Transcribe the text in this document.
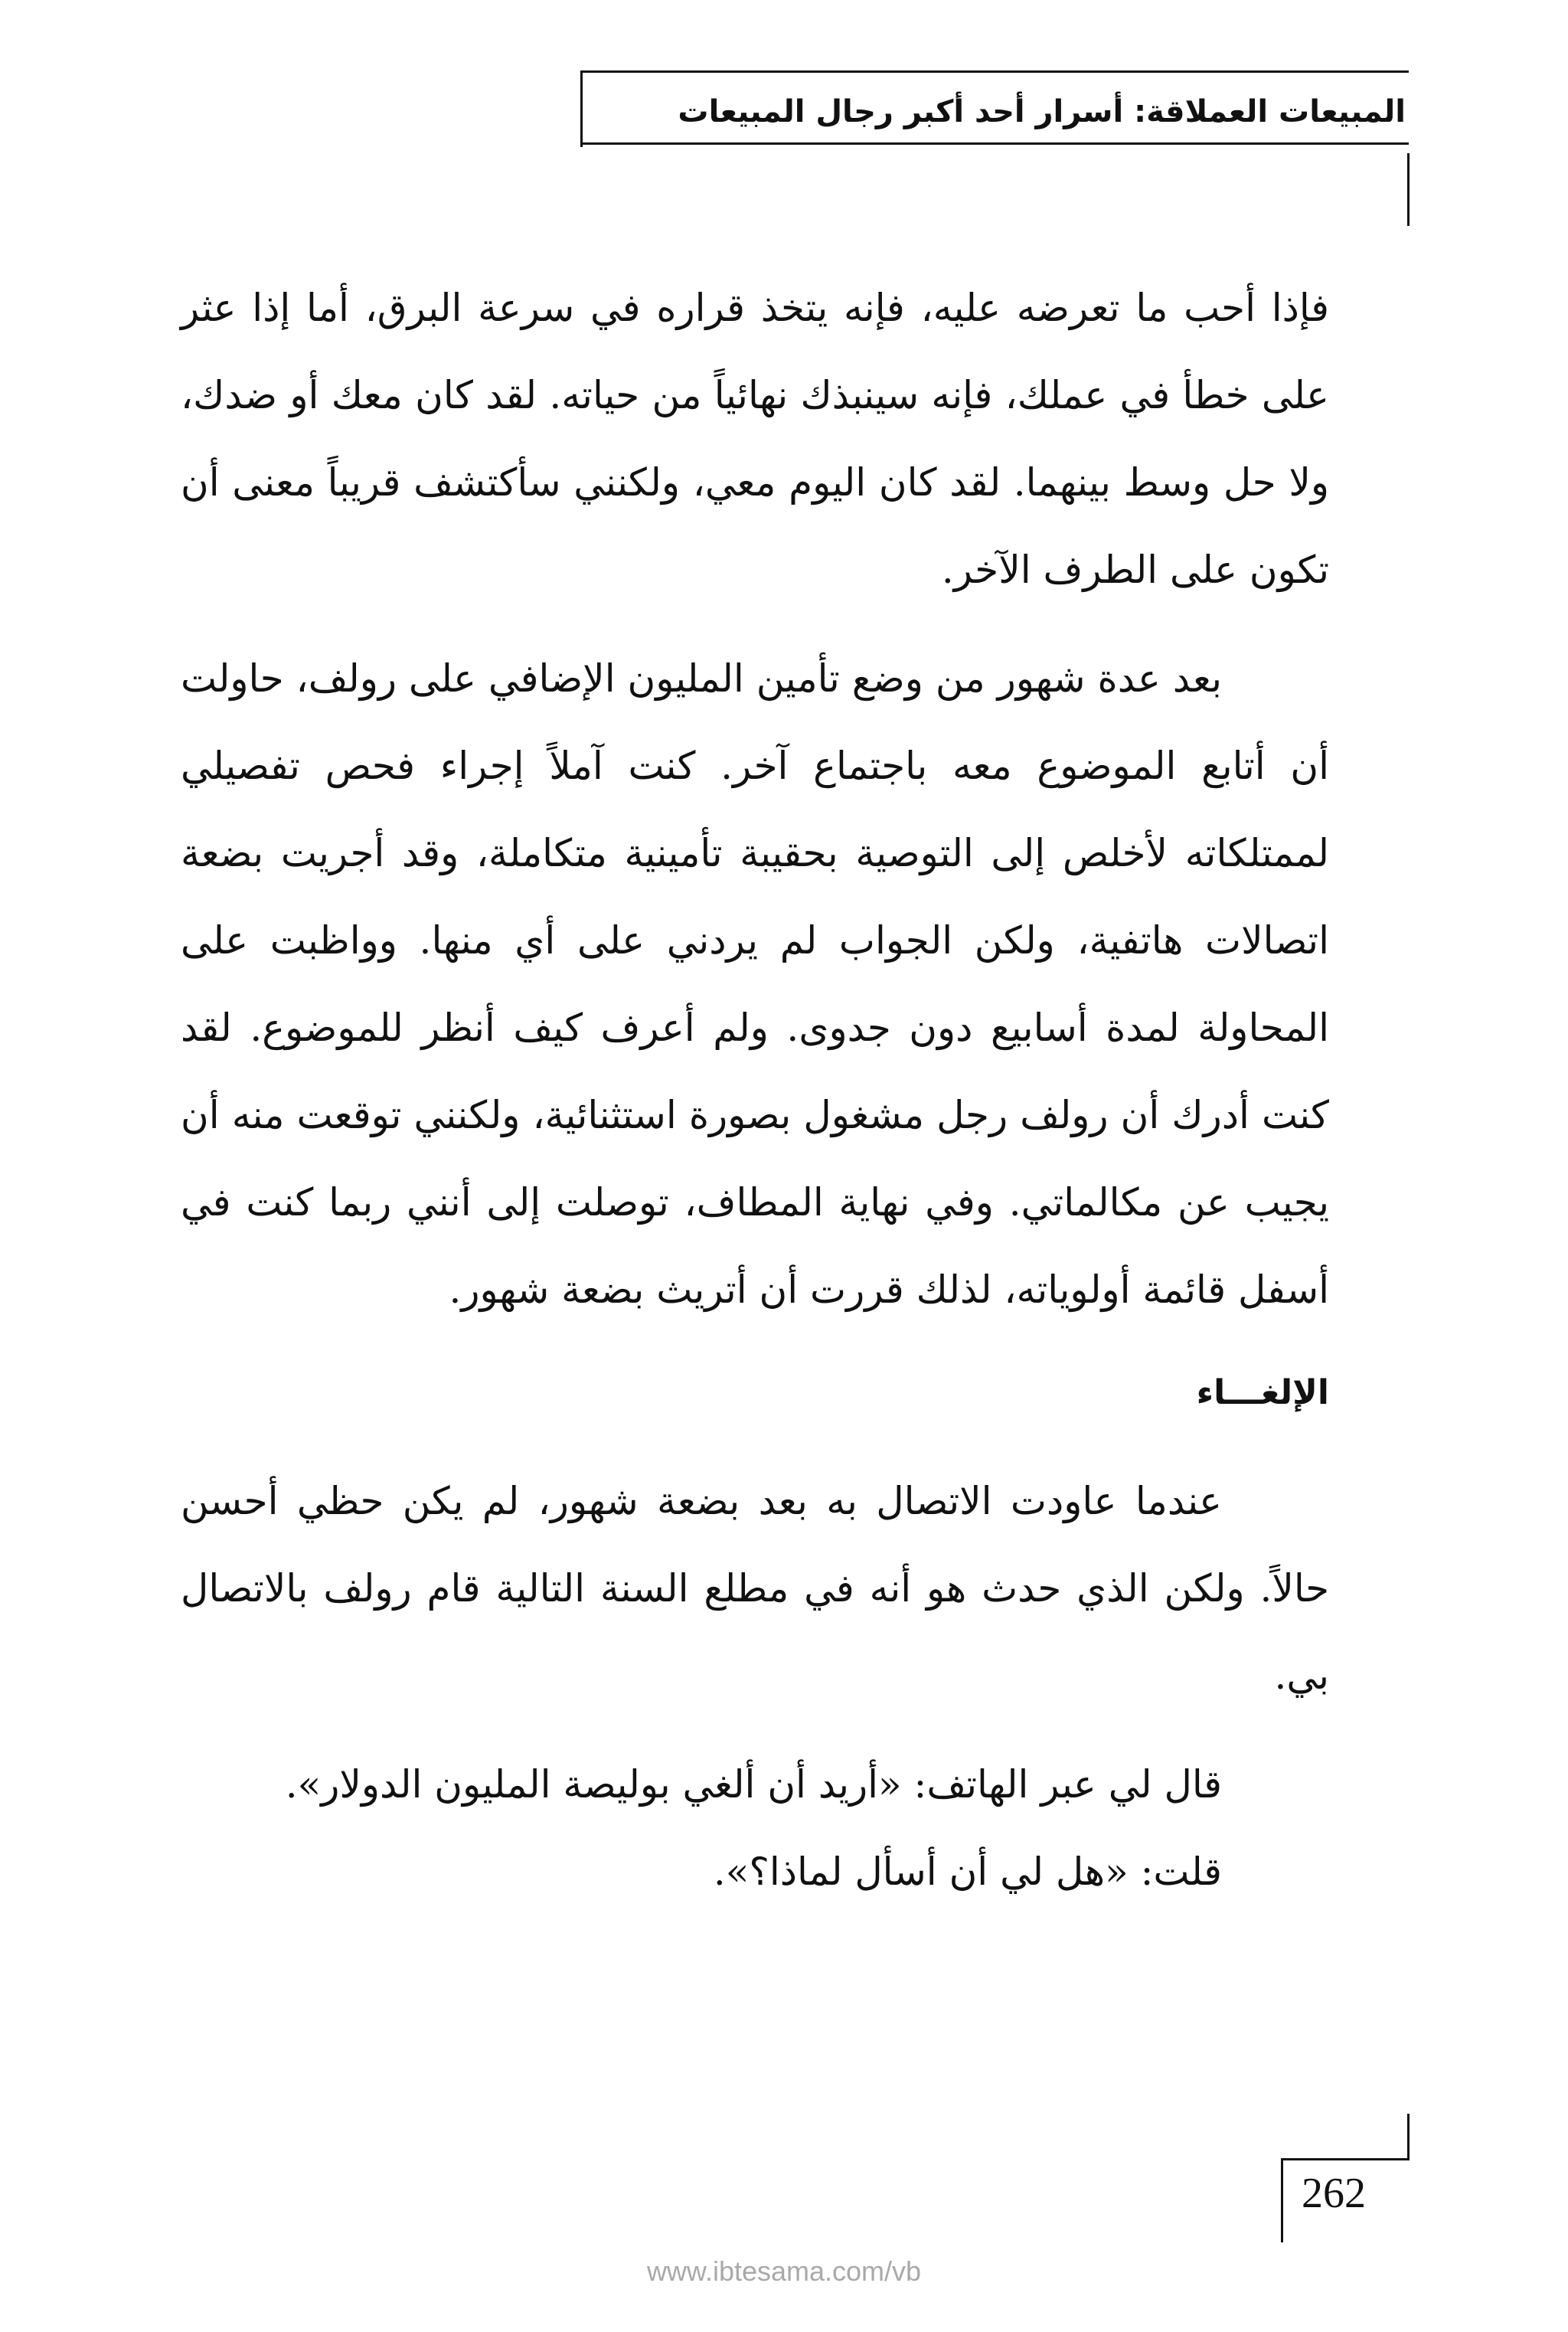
المبيعات العملاقة: أسرار أحد أكبر رجال المبيعات

فإذا أحب ما تعرضه عليه، فإنه يتخذ قراره في سرعة البرق، أما إذا عثر على خطأ في عملك، فإنه سينبذك نهائياً من حياته. لقد كان معك أو ضدك، ولا حل وسط بينهما. لقد كان اليوم معي، ولكنني سأكتشف قريباً معنى أن تكون على الطرف الآخر.

بعد عدة شهور من وضع تأمين المليون الإضافي على رولف، حاولت أن أتابع الموضوع معه باجتماع آخر. كنت آملاً إجراء فحص تفصيلي لممتلكاته لأخلص إلى التوصية بحقيبة تأمينية متكاملة، وقد أجريت بضعة اتصالات هاتفية، ولكن الجواب لم يردني على أي منها. وواظبت على المحاولة لمدة أسابيع دون جدوى. ولم أعرف كيف أنظر للموضوع. لقد كنت أدرك أن رولف رجل مشغول بصورة استثنائية، ولكنني توقعت منه أن يجيب عن مكالماتي. وفي نهاية المطاف، توصلت إلى أنني ربما كنت في أسفل قائمة أولوياته، لذلك قررت أن أتريث بضعة شهور.

الإلغـــاء

عندما عاودت الاتصال به بعد بضعة شهور، لم يكن حظي أحسن حالاً. ولكن الذي حدث هو أنه في مطلع السنة التالية قام رولف بالاتصال بي.

قال لي عبر الهاتف: «أريد أن ألغي بوليصة المليون الدولار».

قلت: «هل لي أن أسأل لماذا؟».

262
www.ibtesama.com/vb
